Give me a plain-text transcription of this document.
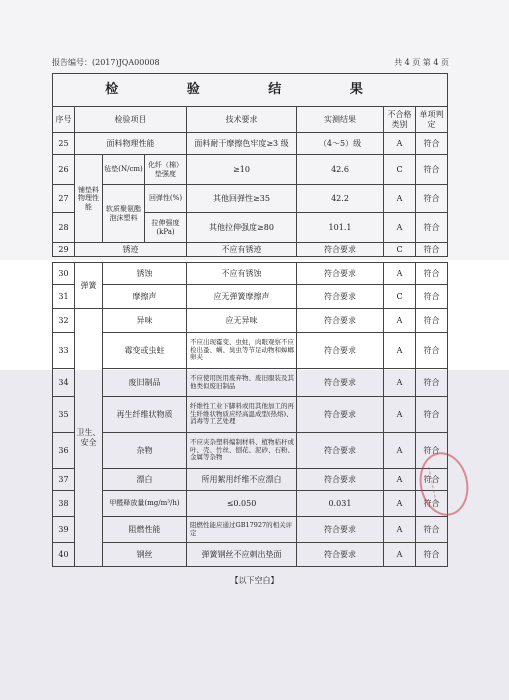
报告编号：(2017)JQA00008	共 4 页 第 4 页
检 验 结 果							
序号	检验项目			技术要求	实测结果	不合格类别	单项判定
25	面料物理性能			面料耐干摩擦色牢度≥3 级	（4～5）级	A	符合
26	铺垫料物理性能	毡垫(N/cm)	化纤（棉）垫强度	≥10	42.6	C	符合
27		软质聚氨酯泡沫塑料	回弹性(%)	其他回弹性≥35	42.2	A	符合
28			拉伸强度(kPa)	其他拉伸强度≥80	101.1	A	符合
29	锈迹			不应有锈迹	符合要求	C	符合
30	弹簧	锈蚀	不应有锈蚀	符合要求	A	符合
31		摩擦声	应无弹簧摩擦声	符合要求	C	符合
32	卫生、安全	异味	应无异味	符合要求	A	符合
33		霉变或虫蛀	不应出现霉变、虫蛀，肉眼观察不应检出蚤、螨、臭虫等节足动物和蟑螂卵夹	符合要求	A	符合
34		废旧制品	不应使用医用废弃物、废旧服装及其他类似废旧制品	符合要求	A	符合
35		再生纤维状物质	纤维性工业下脚料或用其他加工的再生纤维状物质应经高温成型(热熔)、消毒等工艺处理	符合要求	A	符合
36		杂物	不应夹杂塑料编制材料、植物秸秆或叶、壳、竹丝、刨花、泥砂、石粉、金属等杂物	符合要求	A	符合
37		漂白	所用絮用纤维不应漂白	符合要求	A	符合
38		甲醛释放量(mg/m³/h)	≤0.050	0.031	A	符合
39		阻燃性能	阻燃性能应通过GB17927的相关评定	符合要求	A	符合
40		钢丝	弹簧钢丝不应刺出垫面	符合要求	A	符合
【以下空白】
